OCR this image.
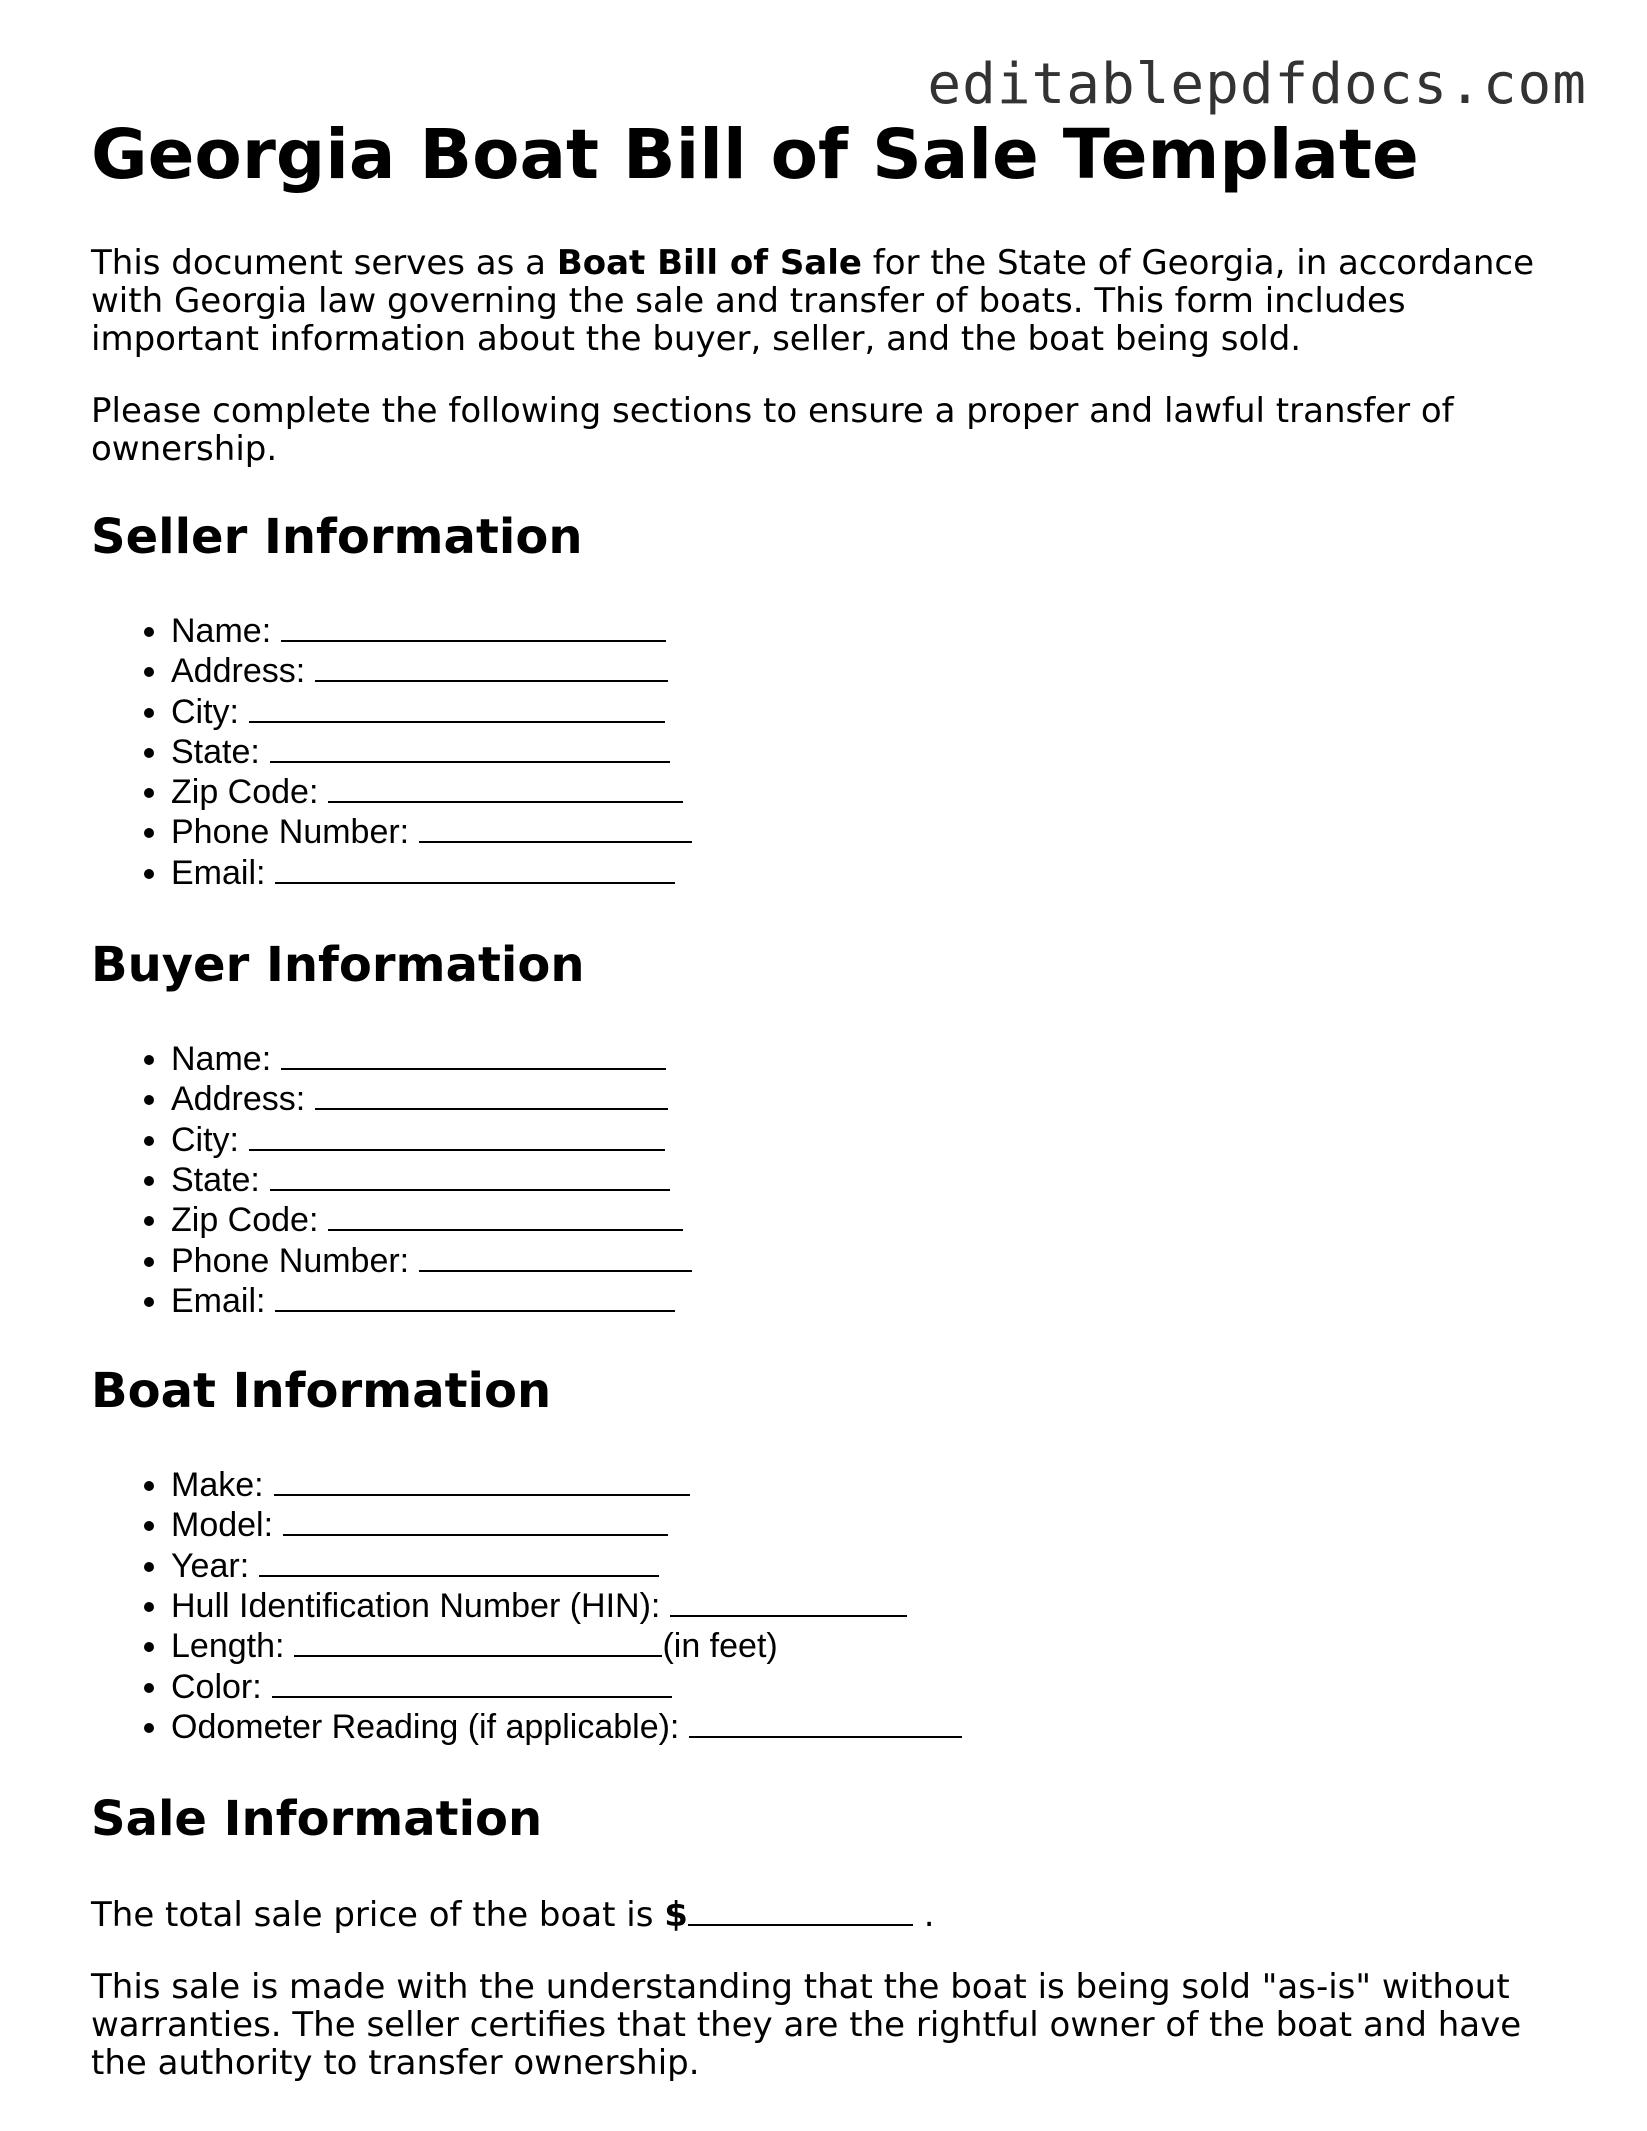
editablepdfdocs.com
Georgia Boat Bill of Sale Template

This document serves as a Boat Bill of Sale for the State of Georgia, in accordance with Georgia law governing the sale and transfer of boats. This form includes important information about the buyer, seller, and the boat being sold.

Please complete the following sections to ensure a proper and lawful transfer of ownership.

Seller Information
• Name:
• Address:
• City:
• State:
• Zip Code:
• Phone Number:
• Email:
Buyer Information
• Name:
• Address:
• City:
• State:
• Zip Code:
• Phone Number:
• Email:
Boat Information
• Make:
• Model:
• Year:
• Hull Identification Number (HIN):
• Length:	(in feet)
• Color:
• Odometer Reading (if applicable):
Sale Information

The total sale price of the boat is $	.

This sale is made with the understanding that the boat is being sold "as-is" without warranties. The seller certifies that they are the rightful owner of the boat and have the authority to transfer ownership.
